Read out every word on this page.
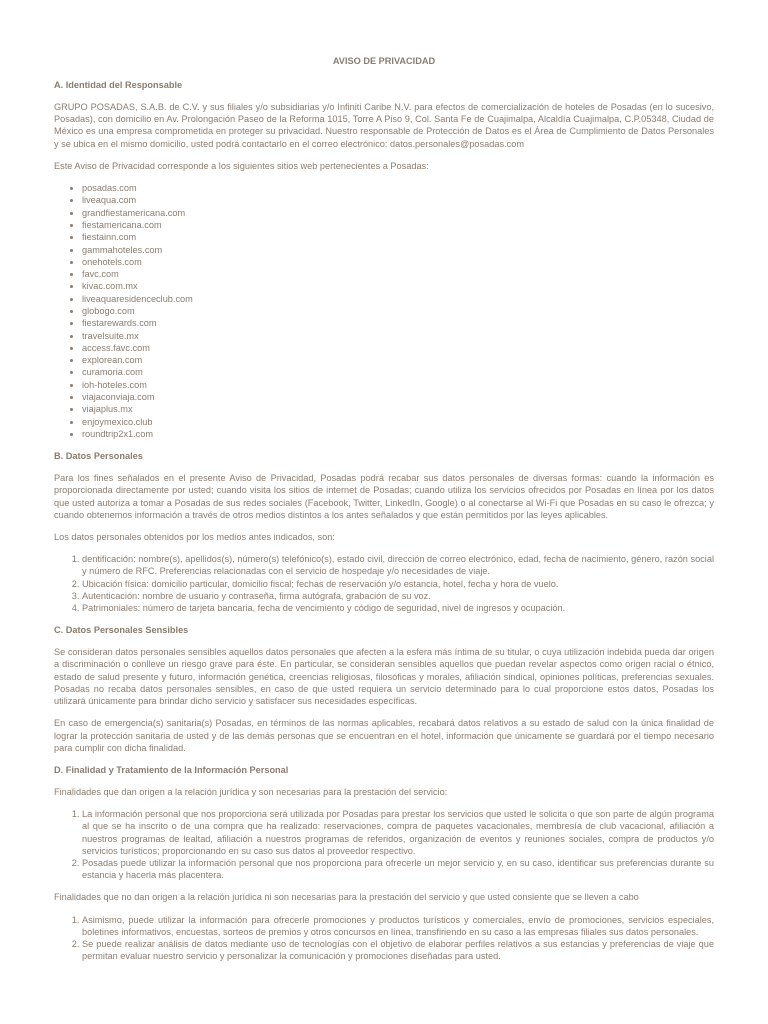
AVISO DE PRIVACIDAD
A. Identidad del Responsable

GRUPO POSADAS, S.A.B. de C.V. y sus filiales y/o subsidiarias y/o Infiniti Caribe N.V. para efectos de comercialización de hoteles de Posadas (en lo sucesivo, Posadas), con domicilio en Av. Prolongación Paseo de la Reforma 1015, Torre A Piso 9, Col. Santa Fe de Cuajimalpa, Alcaldía Cuajimalpa, C.P.05348, Ciudad de México es una empresa comprometida en proteger su privacidad. Nuestro responsable de Protección de Datos es el Área de Cumplimiento de Datos Personales y se ubica en el mismo domicilio, usted podrá contactarlo en el correo electrónico: datos.personales@posadas.com

Este Aviso de Privacidad corresponde a los siguientes sitios web pertenecientes a Posadas:

• posadas.com
• liveaqua.com
• grandfiestamericana.com
• fiestamericana.com
• fiestainn.com
• gammahoteles.com
• onehotels.com
• favc.com
• kivac.com.mx
• liveaquaresidenceclub.com
• globogo.com
• fiestarewards.com
• travelsuite.mx
• access.favc.com
• explorean.com
• curamoria.com
• ioh-hoteles.com
• viajaconviaja.com
• viajaplus.mx
• enjoymexico.club
• roundtrip2x1.com
B. Datos Personales

Para los fines señalados en el presente Aviso de Privacidad, Posadas podrá recabar sus datos personales de diversas formas: cuando la información es proporcionada directamente por usted; cuando visita los sitios de internet de Posadas; cuando utiliza los servicios ofrecidos por Posadas en línea por los datos que usted autoriza a tomar a Posadas de sus redes sociales (Facebook, Twitter, LinkedIn, Google) o al conectarse al Wi-Fi que Posadas en su caso le ofrezca; y cuando obtenemos información a través de otros medios distintos a los antes señalados y que están permitidos por las leyes aplicables.

Los datos personales obtenidos por los medios antes indicados, son:

1. dentificación: nombre(s), apellidos(s), número(s) telefónico(s), estado civil, dirección de correo electrónico, edad, fecha de nacimiento, género, razón social y número de RFC. Preferencias relacionadas con el servicio de hospedaje y/o necesidades de viaje.
2. Ubicación física: domicilio particular, domicilio fiscal; fechas de reservación y/o estancia, hotel, fecha y hora de vuelo.
3. Autenticación: nombre de usuario y contraseña, firma autógrafa, grabación de su voz.
4. Patrimoniales: número de tarjeta bancaria, fecha de vencimiento y código de seguridad, nivel de ingresos y ocupación.
C. Datos Personales Sensibles

Se consideran datos personales sensibles aquellos datos personales que afecten a la esfera más íntima de su titular, o cuya utilización indebida pueda dar origen a discriminación o conlleve un riesgo grave para éste. En particular, se consideran sensibles aquellos que puedan revelar aspectos como origen racial o étnico, estado de salud presente y futuro, información genética, creencias religiosas, filosóficas y morales, afiliación sindical, opiniones políticas, preferencias sexuales. Posadas no recaba datos personales sensibles, en caso de que usted requiera un servicio determinado para lo cual proporcione estos datos, Posadas los utilizará únicamente para brindar dicho servicio y satisfacer sus necesidades específicas.

En caso de emergencia(s) sanitaria(s) Posadas, en términos de las normas aplicables, recabará datos relativos a su estado de salud con la única finalidad de lograr la protección sanitaria de usted y de las demás personas que se encuentran en el hotel, información que únicamente se guardará por el tiempo necesario para cumplir con dicha finalidad.

D. Finalidad y Tratamiento de la Información Personal

Finalidades que dan origen a la relación jurídica y son necesarias para la prestación del servicio:

1. La información personal que nos proporciona será utilizada por Posadas para prestar los servicios que usted le solicita o que son parte de algún programa al que se ha inscrito o de una compra que ha realizado: reservaciones, compra de paquetes vacacionales, membresía de club vacacional, afiliación a nuestros programas de lealtad, afiliación a nuestros programas de referidos, organización de eventos y reuniones sociales, compra de productos y/o servicios turísticos; proporcionando en su caso sus datos al proveedor respectivo.
2. Posadas puede utilizar la información personal que nos proporciona para ofrecerle un mejor servicio y, en su caso, identificar sus preferencias durante su estancia y hacerla más placentera.

Finalidades que no dan origen a la relación jurídica ni son necesarias para la prestación del servicio y que usted consiente que se lleven a cabo

1. Asimismo, puede utilizar la información para ofrecerle promociones y productos turísticos y comerciales, envío de promociones, servicios especiales, boletines informativos, encuestas, sorteos de premios y otros concursos en línea, transfiriendo en su caso a las empresas filiales sus datos personales.
2. Se puede realizar análisis de datos mediante uso de tecnologías con el objetivo de elaborar perfiles relativos a sus estancias y preferencias de viaje que permitan evaluar nuestro servicio y personalizar la comunicación y promociones diseñadas para usted.
